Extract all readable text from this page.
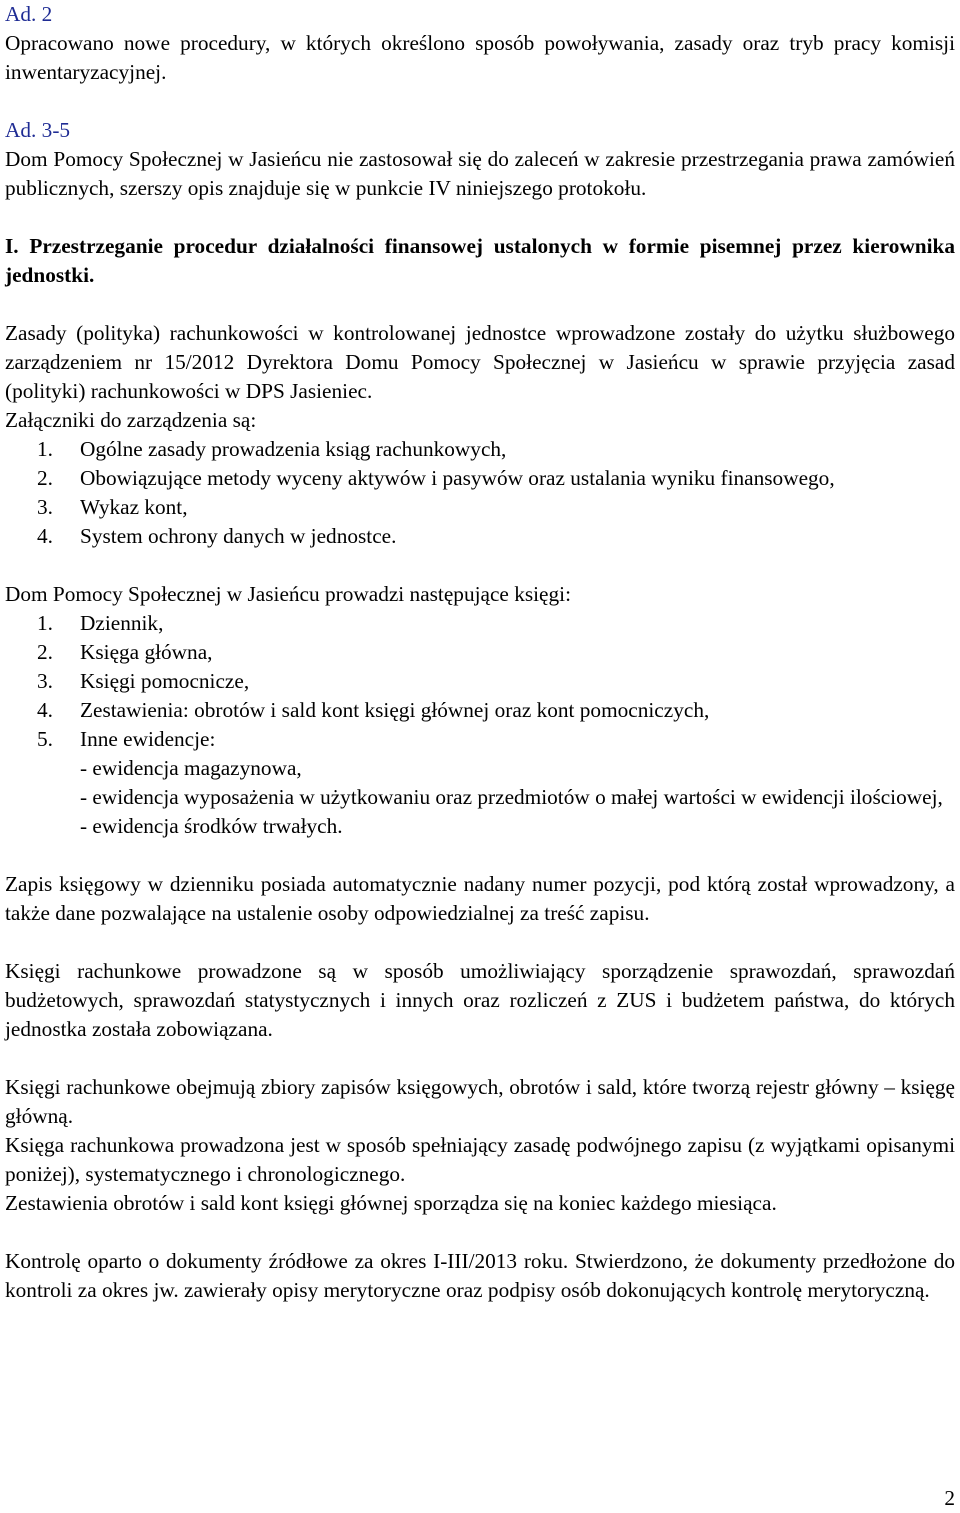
Ad. 2

Opracowano nowe procedury, w których określono sposób powoływania, zasady oraz tryb pracy komisji inwentaryzacyjnej.

Ad. 3-5

Dom Pomocy Społecznej w Jasieńcu nie zastosował się do zaleceń w zakresie przestrzegania prawa zamówień publicznych, szerszy opis znajduje się w punkcie IV niniejszego protokołu.

I. Przestrzeganie procedur działalności finansowej ustalonych w formie pisemnej przez kierownika jednostki.

Zasady (polityka) rachunkowości w kontrolowanej jednostce wprowadzone zostały do użytku służbowego zarządzeniem nr 15/2012 Dyrektora Domu Pomocy Społecznej w Jasieńcu w sprawie przyjęcia zasad (polityki) rachunkowości w DPS Jasieniec.

Załączniki do zarządzenia są:

1. Ogólne zasady prowadzenia ksiąg rachunkowych,
2. Obowiązujące metody wyceny aktywów i pasywów oraz ustalania wyniku finansowego,
3. Wykaz kont,
4. System ochrony danych w jednostce.

Dom Pomocy Społecznej w Jasieńcu prowadzi następujące księgi:

1. Dziennik,
2. Księga główna,
3. Księgi pomocnicze,
4. Zestawienia: obrotów i sald kont księgi głównej oraz kont pomocniczych,
5. Inne ewidencje:
- ewidencja magazynowa,
- ewidencja wyposażenia w użytkowaniu oraz przedmiotów o małej wartości w ewidencji ilościowej,
- ewidencja środków trwałych.

Zapis księgowy w dzienniku posiada automatycznie nadany numer pozycji, pod którą został wprowadzony, a także dane pozwalające na ustalenie osoby odpowiedzialnej za treść zapisu.

Księgi rachunkowe prowadzone są w sposób umożliwiający sporządzenie sprawozdań, sprawozdań budżetowych, sprawozdań statystycznych i innych oraz rozliczeń z ZUS i budżetem państwa, do których jednostka została zobowiązana.

Księgi rachunkowe obejmują zbiory zapisów księgowych, obrotów i sald, które tworzą rejestr główny – księgę główną.

Księga rachunkowa prowadzona jest w sposób spełniający zasadę podwójnego zapisu (z wyjątkami opisanymi poniżej), systematycznego i chronologicznego.

Zestawienia obrotów i sald kont księgi głównej sporządza się na koniec każdego miesiąca.

Kontrolę oparto o dokumenty źródłowe za okres I-III/2013 roku. Stwierdzono, że dokumenty przedłożone do kontroli za okres jw. zawierały opisy merytoryczne oraz podpisy osób dokonujących kontrolę merytoryczną.

2
